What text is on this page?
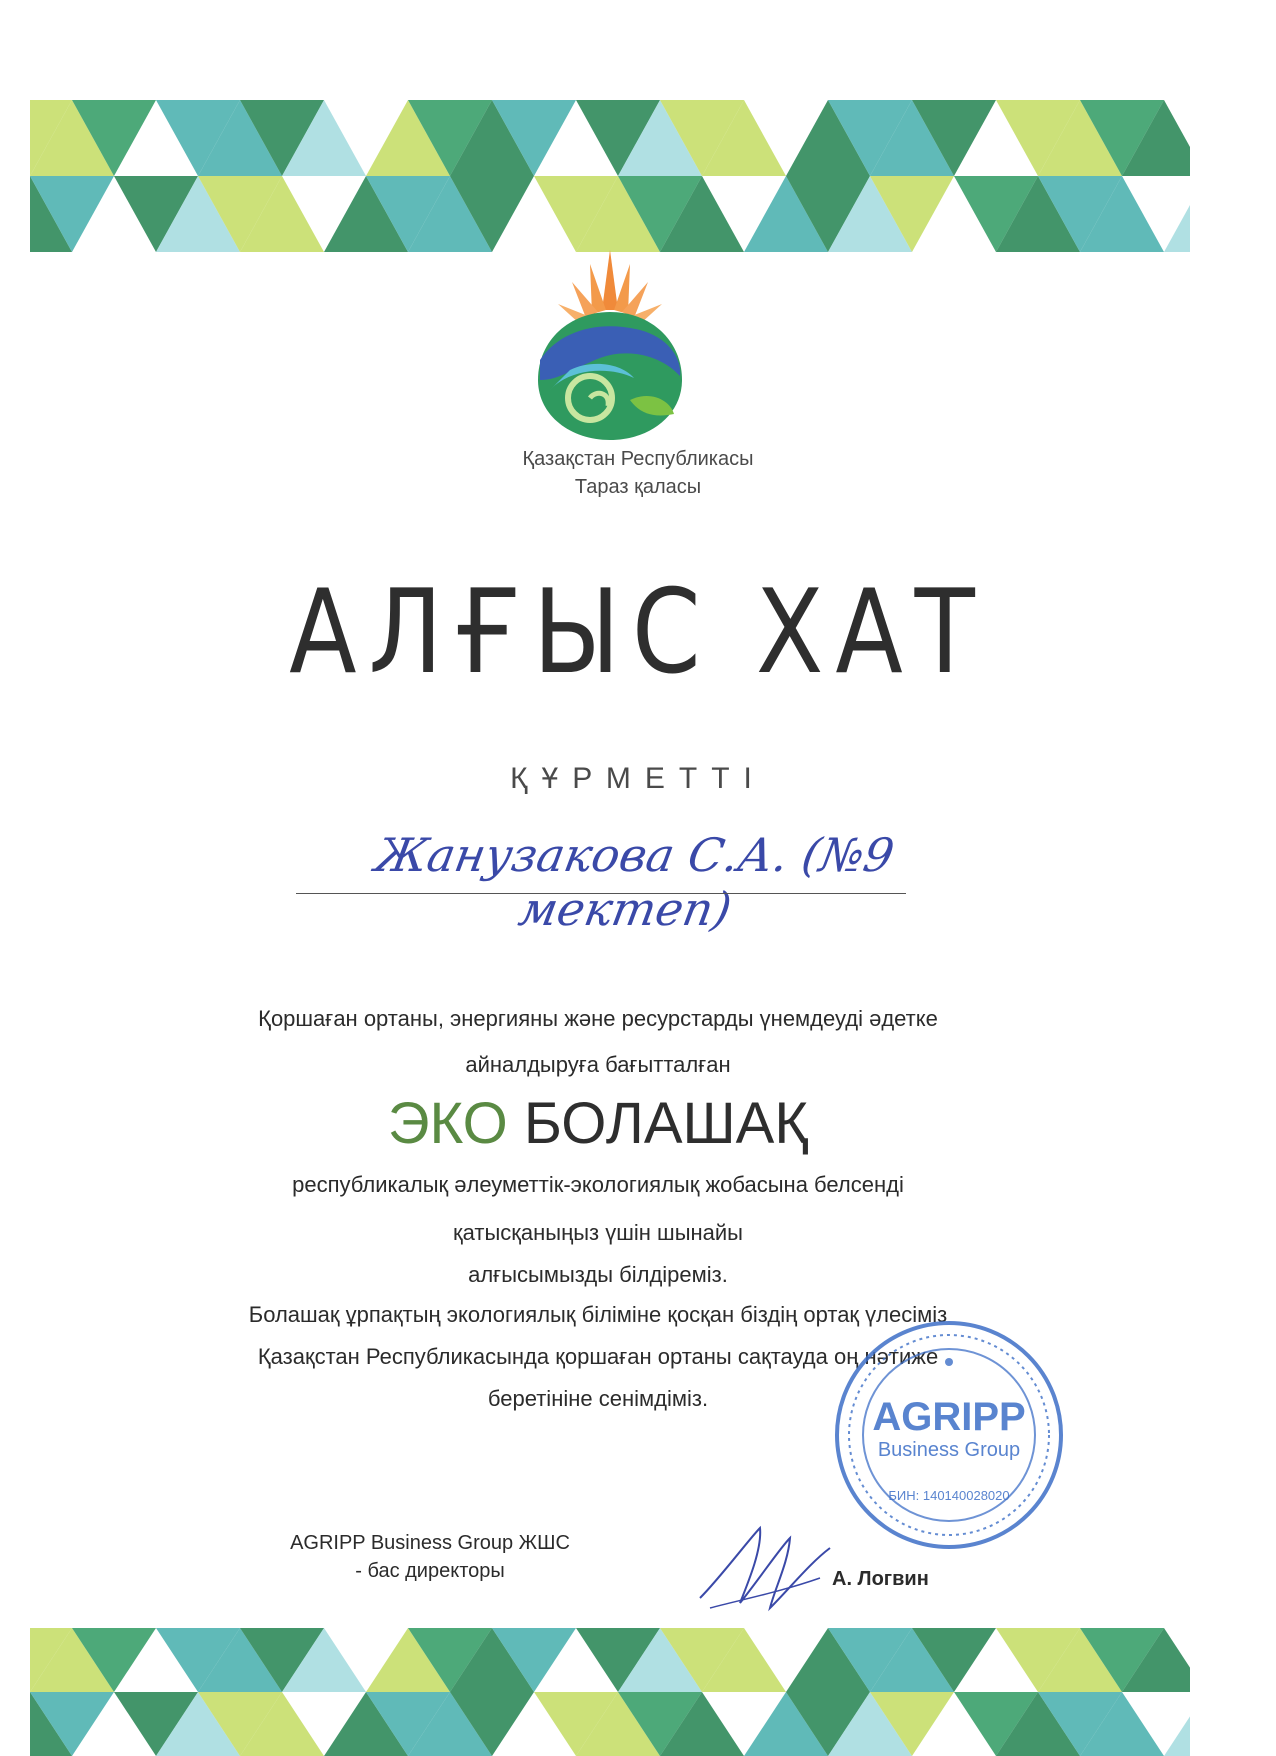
Қазақстан Республикасы
Тараз қаласы
АЛҒЫС ХАТ
ҚҰРМЕТТІ
Жанузакова С.А. (№9 мектеп)
Қоршаған ортаны, энергияны және ресурстарды үнемдеуді әдетке
айналдыруға бағытталған
ЭКО БОЛАШАҚ
республикалық әлеуметтік-экологиялық жобасына белсенді
қатысқаныңыз үшін шынайы
алғысымызды білдіреміз.
Болашақ ұрпақтың экологиялық біліміне қосқан біздің ортақ үлесіміз
Қазақстан Республикасында қоршаған ортаны сақтауда оң нәтиже
беретініне сенімдіміз.	AGRIPP
Business Group
БИН: 140140028020
AGRIPP Business Group ЖШС
- бас директоры	А. Логвин
